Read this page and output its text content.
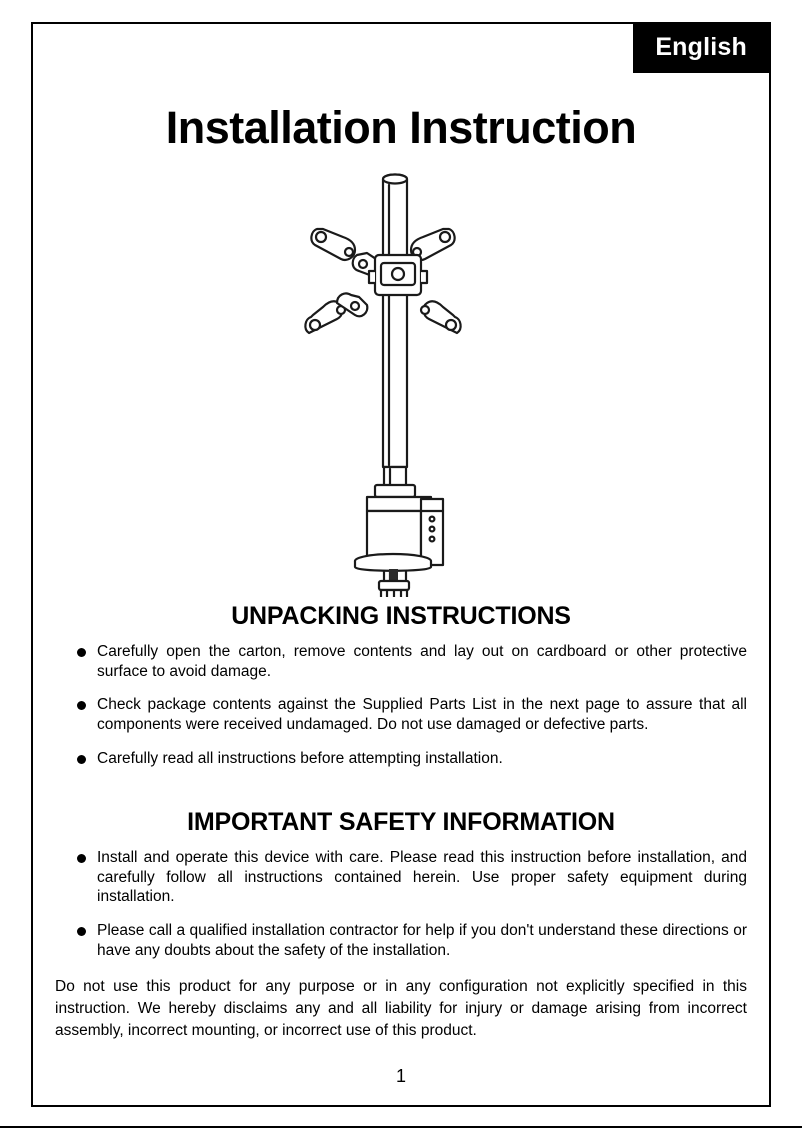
English
Installation Instruction
UNPACKING INSTRUCTIONS
Carefully open the carton, remove contents and lay out on cardboard or other protective surface to avoid damage.
Check package contents against the Supplied Parts List in the next page to assure that all components were received undamaged. Do not use damaged or defective parts.
Carefully read all instructions before attempting installation.
IMPORTANT SAFETY INFORMATION
Install and operate this device with care. Please read this instruction before installation, and carefully follow all instructions contained herein. Use proper safety equipment during installation.
Please call a qualified installation contractor for help if you don't understand these directions or have any doubts about the safety of the installation.
Do not use this product for any purpose or in any configuration not explicitly specified in this instruction. We hereby disclaims any and all liability for injury or damage arising from incorrect assembly, incorrect mounting, or incorrect use of this product.
1
